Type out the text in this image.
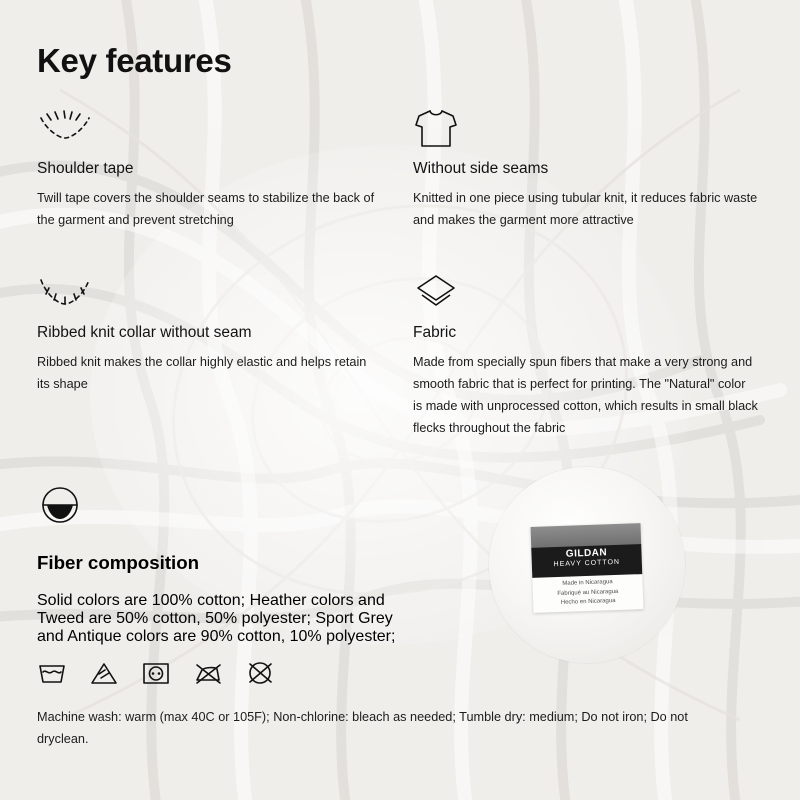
GILDAN
HEAVY COTTON
Made in Nicaragua
Fabriqué au Nicaragua
Hecho en Nicaragua
Key features
Shoulder tape

Twill tape covers the shoulder seams to stabilize the back of the garment and prevent stretching

Without side seams

Knitted in one piece using tubular knit, it reduces fabric waste and makes the garment more attractive

Ribbed knit collar without seam

Ribbed knit makes the collar highly elastic and helps retain its shape

Fabric

Made from specially spun fibers that make a very strong and smooth fabric that is perfect for printing. The "Natural" color is made with unprocessed cotton, which results in small black flecks throughout the fabric

Fiber composition

Solid colors are 100% cotton; Heather colors and Tweed are 50% cotton, 50% polyester; Sport Grey and Antique colors are 90% cotton, 10% polyester;

Machine wash: warm (max 40C or 105F); Non-chlorine: bleach as needed; Tumble dry: medium; Do not iron; Do not dryclean.
